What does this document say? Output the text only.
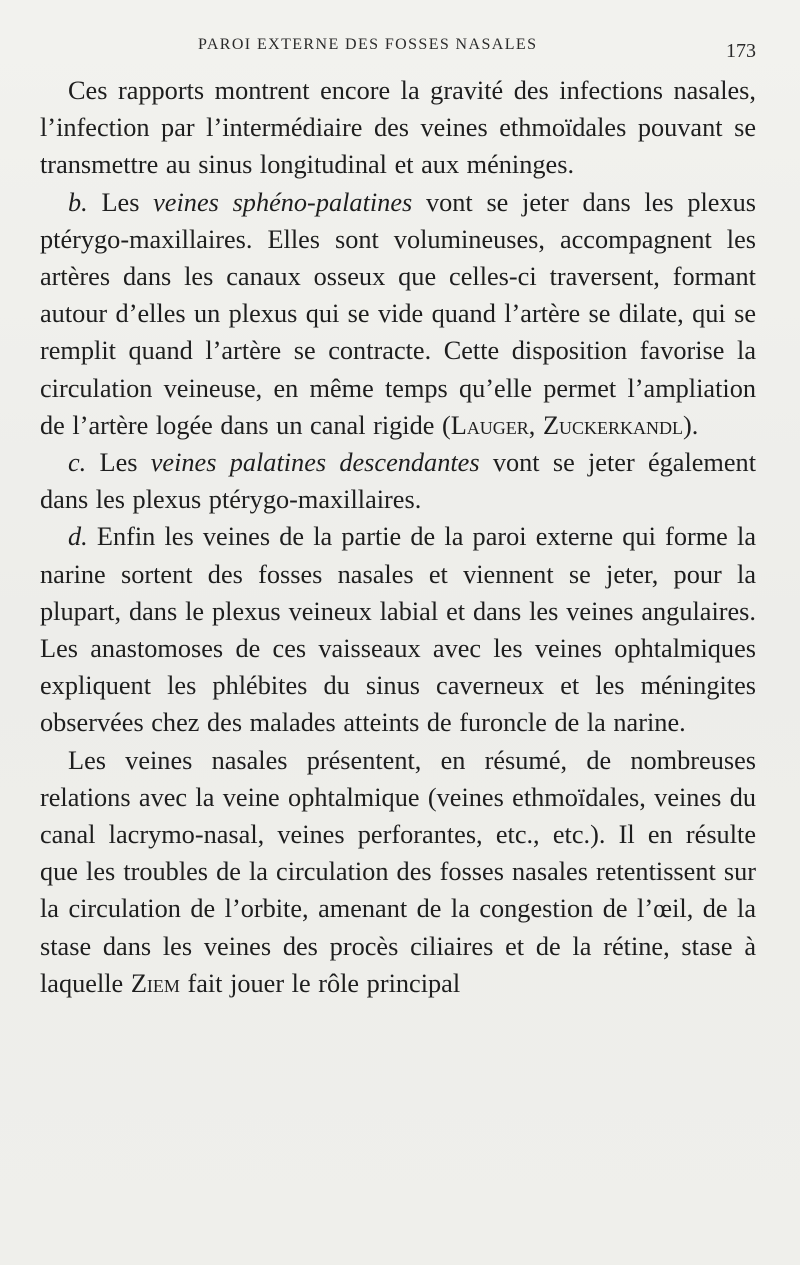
PAROI EXTERNE DES FOSSES NASALES	173

Ces rapports montrent encore la gravité des infections nasales, l’infection par l’intermédiaire des veines ethmoïdales pouvant se transmettre au sinus longitudinal et aux méninges.

b. Les veines sphéno-palatines vont se jeter dans les plexus ptérygo-maxillaires. Elles sont volumineuses, accompagnent les artères dans les canaux osseux que celles-ci traversent, formant autour d’elles un plexus qui se vide quand l’artère se dilate, qui se remplit quand l’artère se contracte. Cette disposition favorise la circulation veineuse, en même temps qu’elle permet l’ampliation de l’artère logée dans un canal rigide (Lauger, Zuckerkandl).

c. Les veines palatines descendantes vont se jeter également dans les plexus ptérygo-maxillaires.

d. Enfin les veines de la partie de la paroi externe qui forme la narine sortent des fosses nasales et viennent se jeter, pour la plupart, dans le plexus veineux labial et dans les veines angulaires. Les anastomoses de ces vaisseaux avec les veines ophtalmiques expliquent les phlébites du sinus caverneux et les méningites observées chez des malades atteints de furoncle de la narine.

Les veines nasales présentent, en résumé, de nombreuses relations avec la veine ophtalmique (veines ethmoïdales, veines du canal lacrymo-nasal, veines perforantes, etc., etc.). Il en résulte que les troubles de la circulation des fosses nasales retentissent sur la circulation de l’orbite, amenant de la congestion de l’œil, de la stase dans les veines des procès ciliaires et de la rétine, stase à laquelle Ziem fait jouer le rôle principal
